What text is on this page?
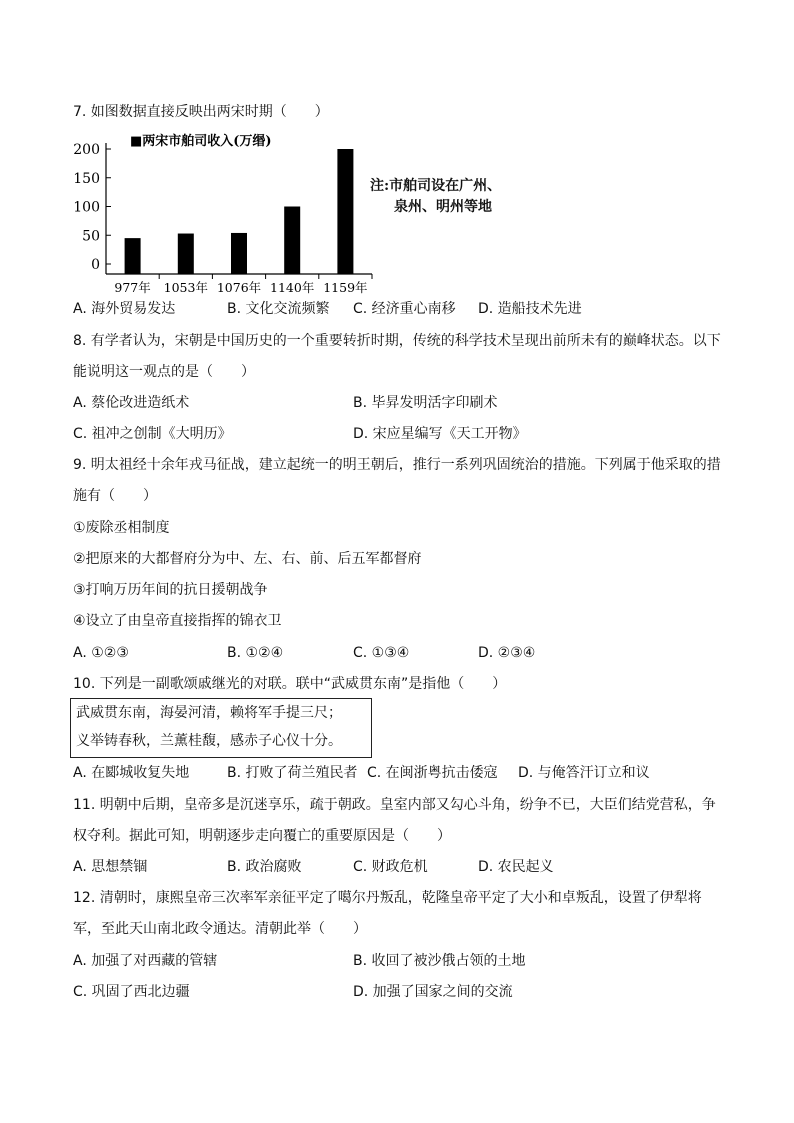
7. 如图数据直接反映出两宋时期（　　）
■两宋市舶司收入(万缗)
0
50
100
150
200
977年 1053年 1076年 1140年 1159年
注:市舶司设在广州、
泉州、明州等地
A. 海外贸易发达	B. 文化交流频繁 C. 经济重心南移 D. 造船技术先进
8. 有学者认为，宋朝是中国历史的一个重要转折时期，传统的科学技术呈现出前所未有的巅峰状态。以下
能说明这一观点的是（　　）
A. 蔡伦改进造纸术	B. 毕昇发明活字印刷术
C. 祖冲之创制《大明历》	D. 宋应星编写《天工开物》
9. 明太祖经十余年戎马征战，建立起统一的明王朝后，推行一系列巩固统治的措施。下列属于他采取的措
施有（　　）
①废除丞相制度
②把原来的大都督府分为中、左、右、前、后五军都督府
③打响万历年间的抗日援朝战争
④设立了由皇帝直接指挥的锦衣卫
A. ①②③	B. ①②④	C. ①③④	D. ②③④
10. 下列是一副歌颂戚继光的对联。联中“武威贯东南”是指他（　　）
武威贯东南，海晏河清，赖将军手提三尺；
义举铸春秋，兰薰桂馥，感赤子心仪十分。
A. 在郾城收复失地	B. 打败了荷兰殖民者 C. 在闽浙粤抗击倭寇 D. 与俺答汗订立和议
11. 明朝中后期，皇帝多是沉迷享乐，疏于朝政。皇室内部又勾心斗角，纷争不已，大臣们结党营私，争
权夺利。据此可知，明朝逐步走向覆亡的重要原因是（　　）
A. 思想禁锢	B. 政治腐败	C. 财政危机	D. 农民起义
12. 清朝时，康熙皇帝三次率军亲征平定了噶尔丹叛乱，乾隆皇帝平定了大小和卓叛乱，设置了伊犁将
军，至此天山南北政令通达。清朝此举（　　）
A. 加强了对西藏的管辖	B. 收回了被沙俄占领的土地
C. 巩固了西北边疆	D. 加强了国家之间的交流
